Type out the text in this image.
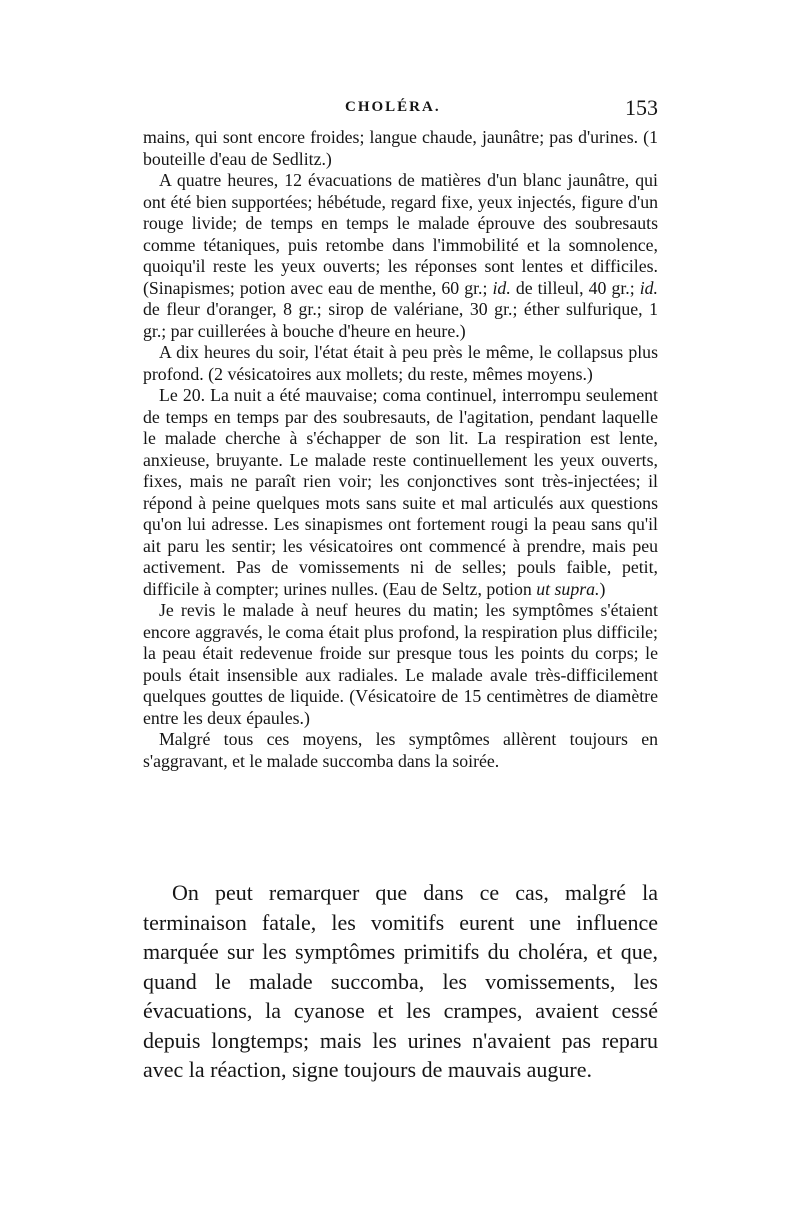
CHOLÉRA.	153

mains, qui sont encore froides; langue chaude, jaunâtre; pas d'urines. (1 bouteille d'eau de Sedlitz.)

A quatre heures, 12 évacuations de matières d'un blanc jaunâtre, qui ont été bien supportées; hébétude, regard fixe, yeux injectés, figure d'un rouge livide; de temps en temps le malade éprouve des soubresauts comme tétaniques, puis retombe dans l'immobilité et la somnolence, quoiqu'il reste les yeux ouverts; les réponses sont lentes et difficiles. (Sinapismes; potion avec eau de menthe, 60 gr.; id. de tilleul, 40 gr.; id. de fleur d'oranger, 8 gr.; sirop de valériane, 30 gr.; éther sulfurique, 1 gr.; par cuillerées à bouche d'heure en heure.)

A dix heures du soir, l'état était à peu près le même, le collapsus plus profond. (2 vésicatoires aux mollets; du reste, mêmes moyens.)

Le 20. La nuit a été mauvaise; coma continuel, interrompu seulement de temps en temps par des soubresauts, de l'agitation, pendant laquelle le malade cherche à s'échapper de son lit. La respiration est lente, anxieuse, bruyante. Le malade reste continuellement les yeux ouverts, fixes, mais ne paraît rien voir; les conjonctives sont très-injectées; il répond à peine quelques mots sans suite et mal articulés aux questions qu'on lui adresse. Les sinapismes ont fortement rougi la peau sans qu'il ait paru les sentir; les vésicatoires ont commencé à prendre, mais peu activement. Pas de vomissements ni de selles; pouls faible, petit, difficile à compter; urines nulles. (Eau de Seltz, potion ut supra.)

Je revis le malade à neuf heures du matin; les symptômes s'étaient encore aggravés, le coma était plus profond, la respiration plus difficile; la peau était redevenue froide sur presque tous les points du corps; le pouls était insensible aux radiales. Le malade avale très-difficilement quelques gouttes de liquide. (Vésicatoire de 15 centimètres de diamètre entre les deux épaules.)

Malgré tous ces moyens, les symptômes allèrent toujours en s'aggravant, et le malade succomba dans la soirée.

On peut remarquer que dans ce cas, malgré la terminaison fatale, les vomitifs eurent une influence marquée sur les symptômes primitifs du choléra, et que, quand le malade succomba, les vomissements, les évacuations, la cyanose et les crampes, avaient cessé depuis longtemps; mais les urines n'avaient pas reparu avec la réaction, signe toujours de mauvais augure.
